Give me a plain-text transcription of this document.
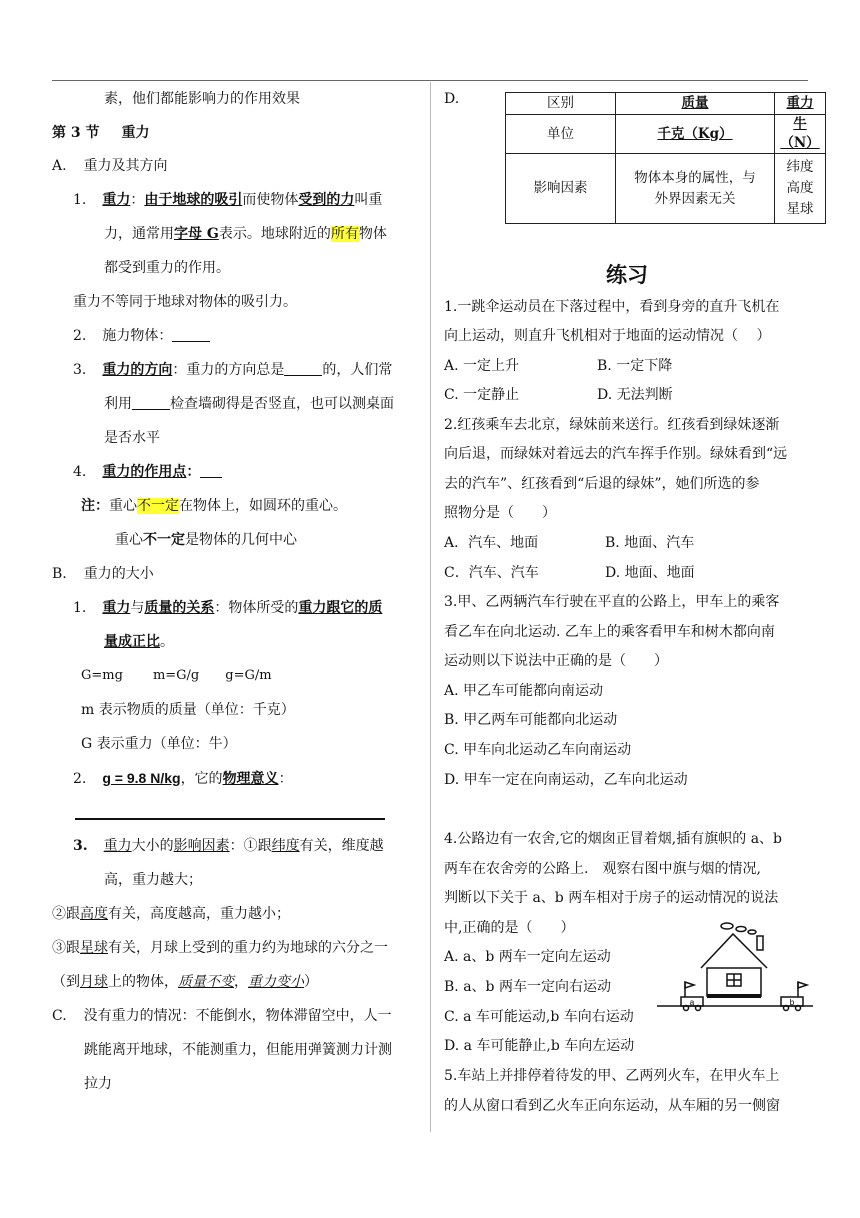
素，他们都能影响力的作用效果
第 3 节 重力
A. 重力及其方向
1. 重力：由于地球的吸引而使物体受到的力叫重
力，通常用字母 G表示。地球附近的所有物体
都受到重力的作用。
重力不等同于地球对物体的吸引力。
2. 施力物体：
3. 重力的方向：重力的方向总是	的，人们常
利用	检查墙砌得是否竖直，也可以测桌面
是否水平
4. 重力的作用点：
注：重心不一定在物体上，如圆环的重心。
重心不一定是物体的几何中心
B. 重力的大小
1. 重力与质量的关系：物体所受的重力跟它的质
量成正比。
G=mg m=G/g g=G/m
m 表示物质的质量（单位：千克）
G 表示重力（单位：牛）
2. g = 9.8 N/kg，它的物理意义：
3. 重力大小的影响因素：①跟纬度有关，维度越
高，重力越大；
②跟高度有关，高度越高，重力越小；
③跟星球有关，月球上受到的重力约为地球的六分之一
（到月球上的物体，质量不变，重力变小）
C. 没有重力的情况：不能倒水，物体滞留空中，人一
跳能离开地球，不能测重力，但能用弹簧测力计测
拉力
D.	区别	质量	重力
单位	千克（Kg）	牛（N）
影响因素	物体本身的属性，与
外界因素无关	纬度
高度
星球
练习
1.一跳伞运动员在下落过程中，看到身旁的直升飞机在
向上运动，则直升飞机相对于地面的运动情况（　 ）
A. 一定上升	B. 一定下降
C. 一定静止	D. 无法判断
2.红孩乘车去北京，绿妹前来送行。红孩看到绿妹逐渐
向后退，而绿妹对着远去的汽车挥手作别。绿妹看到“远
去的汽车”、红孩看到“后退的绿妹”，她们所选的参
照物分是（　　）
A．汽车、地面	B. 地面、汽车
C．汽车、汽车	D. 地面、地面
3.甲、乙两辆汽车行驶在平直的公路上，甲车上的乘客
看乙车在向北运动. 乙车上的乘客看甲车和树木都向南
运动则以下说法中正确的是（　　）
A. 甲乙车可能都向南运动
B. 甲乙两车可能都向北运动
C. 甲车向北运动乙车向南运动
D. 甲车一定在向南运动，乙车向北运动
4.公路边有一农舍,它的烟囱正冒着烟,插有旗帜的 a、b
两车在农舍旁的公路上.　观察右图中旗与烟的情况,
判断以下关于 a、b 两车相对于房子的运动情况的说法
中,正确的是（　　）
A. a、b 两车一定向左运动
B. a、b 两车一定向右运动
C. a 车可能运动,b 车向右运动
D. a 车可能静止,b 车向左运动
a	b
5.车站上并排停着待发的甲、乙两列火车，在甲火车上
的人从窗口看到乙火车正向东运动，从车厢的另一侧窗
